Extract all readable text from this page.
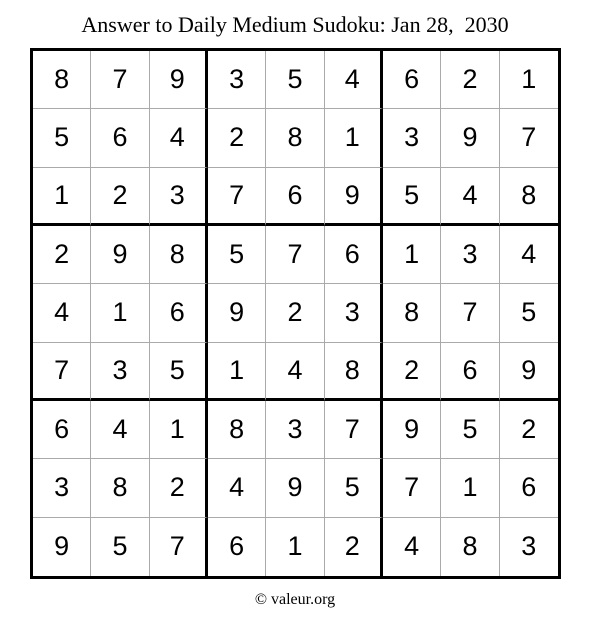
Answer to Daily Medium Sudoku: Jan 28,  2030
8	7	9	3	5	4	6	2	1
5	6	4	2	8	1	3	9	7
1	2	3	7	6	9	5	4	8
2	9	8	5	7	6	1	3	4
4	1	6	9	2	3	8	7	5
7	3	5	1	4	8	2	6	9
6	4	1	8	3	7	9	5	2
3	8	2	4	9	5	7	1	6
9	5	7	6	1	2	4	8	3
© valeur.org
